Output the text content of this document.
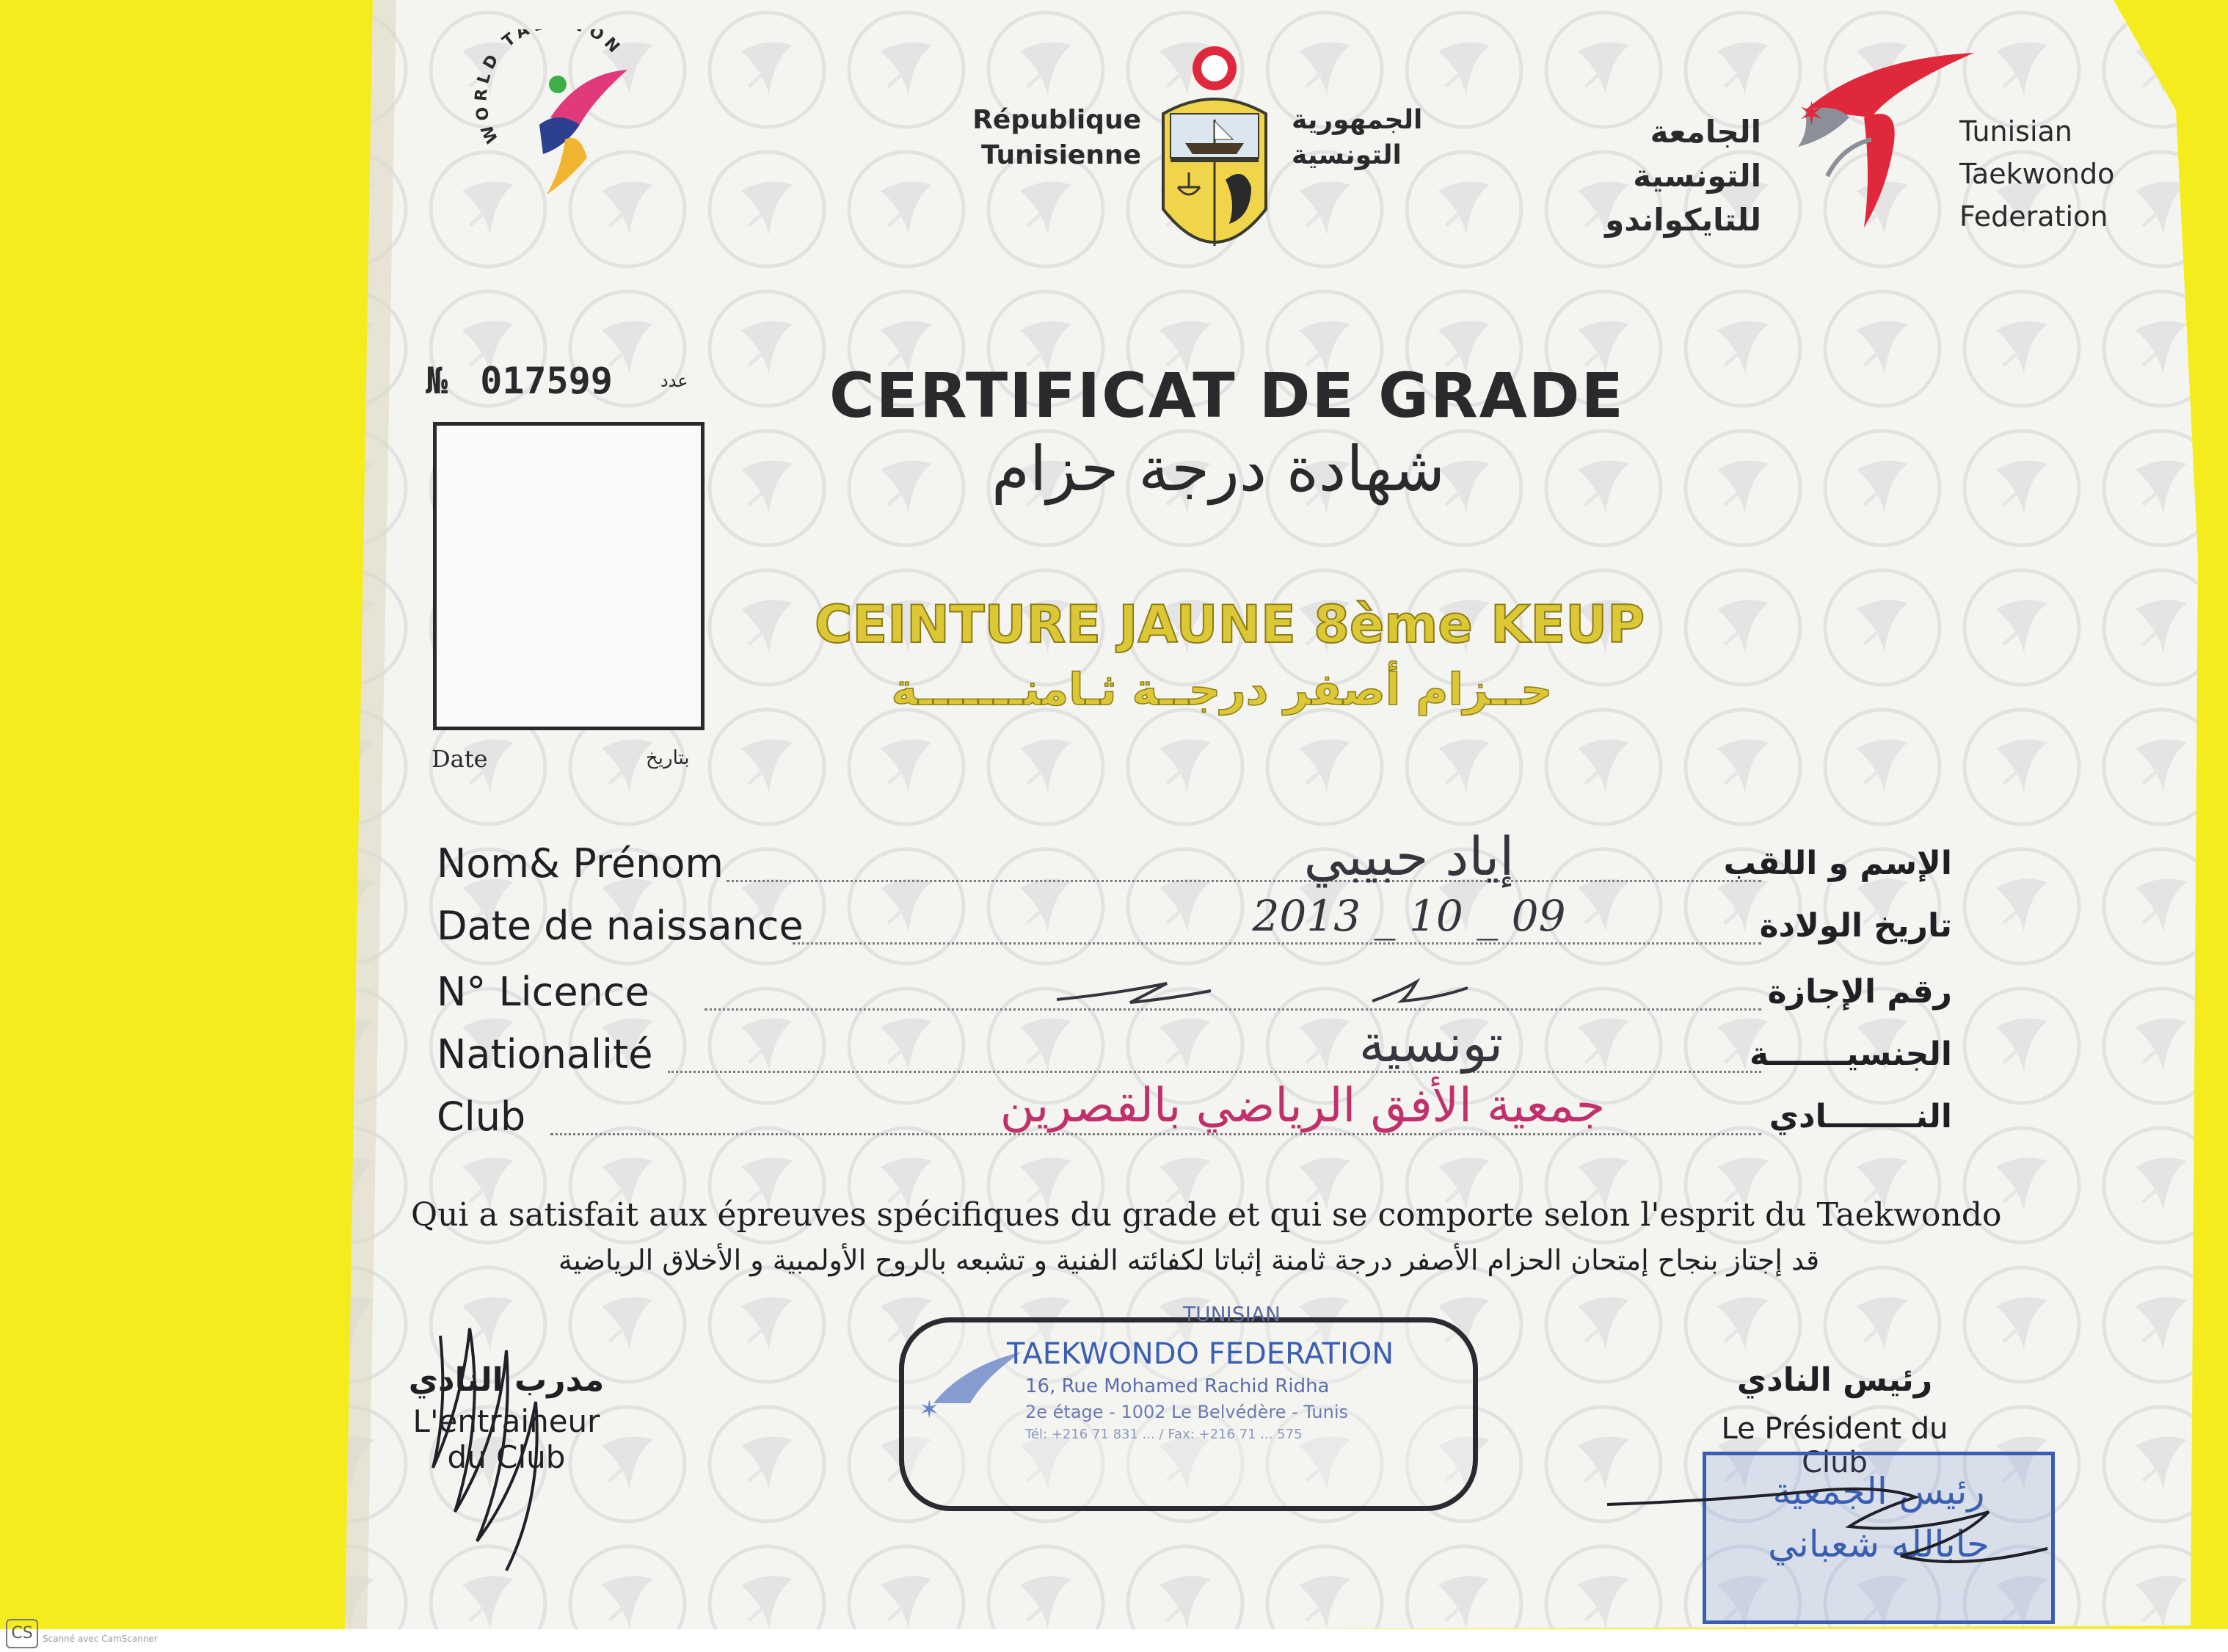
WORLD TA ON
République
Tunisienne
الجمهورية
التونسية
الجامعة
التونسية
للتايكواندو
✶	Tunisian
Taekwondo
Federation
№ 017599	عدد
Date	بتاريخ
CERTIFICAT DE GRADE
شهادة درجة حزام
CEINTURE JAUNE 8ème KEUP
حــزام أصفر درجــة ثـامنـــــــة
Nom& Prénom	إياد حبيبي	الإسم و اللقب
Date de naissance	2013 _ 10 _ 09	تاريخ الولادة
N° Licence	رقم الإجازة
Nationalité	تونسية	الجنسيـــــــة
Club	جمعية الأفق الرياضي بالقصرين	النــــــــادي
Qui a satisfait aux épreuves spécifiques du grade et qui se comporte selon l'esprit du Taekwondo
قد إجتاز بنجاح إمتحان الحزام الأصفر درجة ثامنة إثباتا لكفائته الفنية و تشبعه بالروح الأولمبية و الأخلاق الرياضية
مدرب النادي
L'entraineur
du Club
TUNISIAN
✶
TAEKWONDO FEDERATION
16, Rue Mohamed Rachid Ridha
2e étage - 1002 Le Belvédère - Tunis
Tél: +216 71 831 ... / Fax: +216 71 ... 575
رئيس النادي
Le Président du
Club
رئيس الجمعية
جابالله شعباني
CS	Scanné avec CamScanner
